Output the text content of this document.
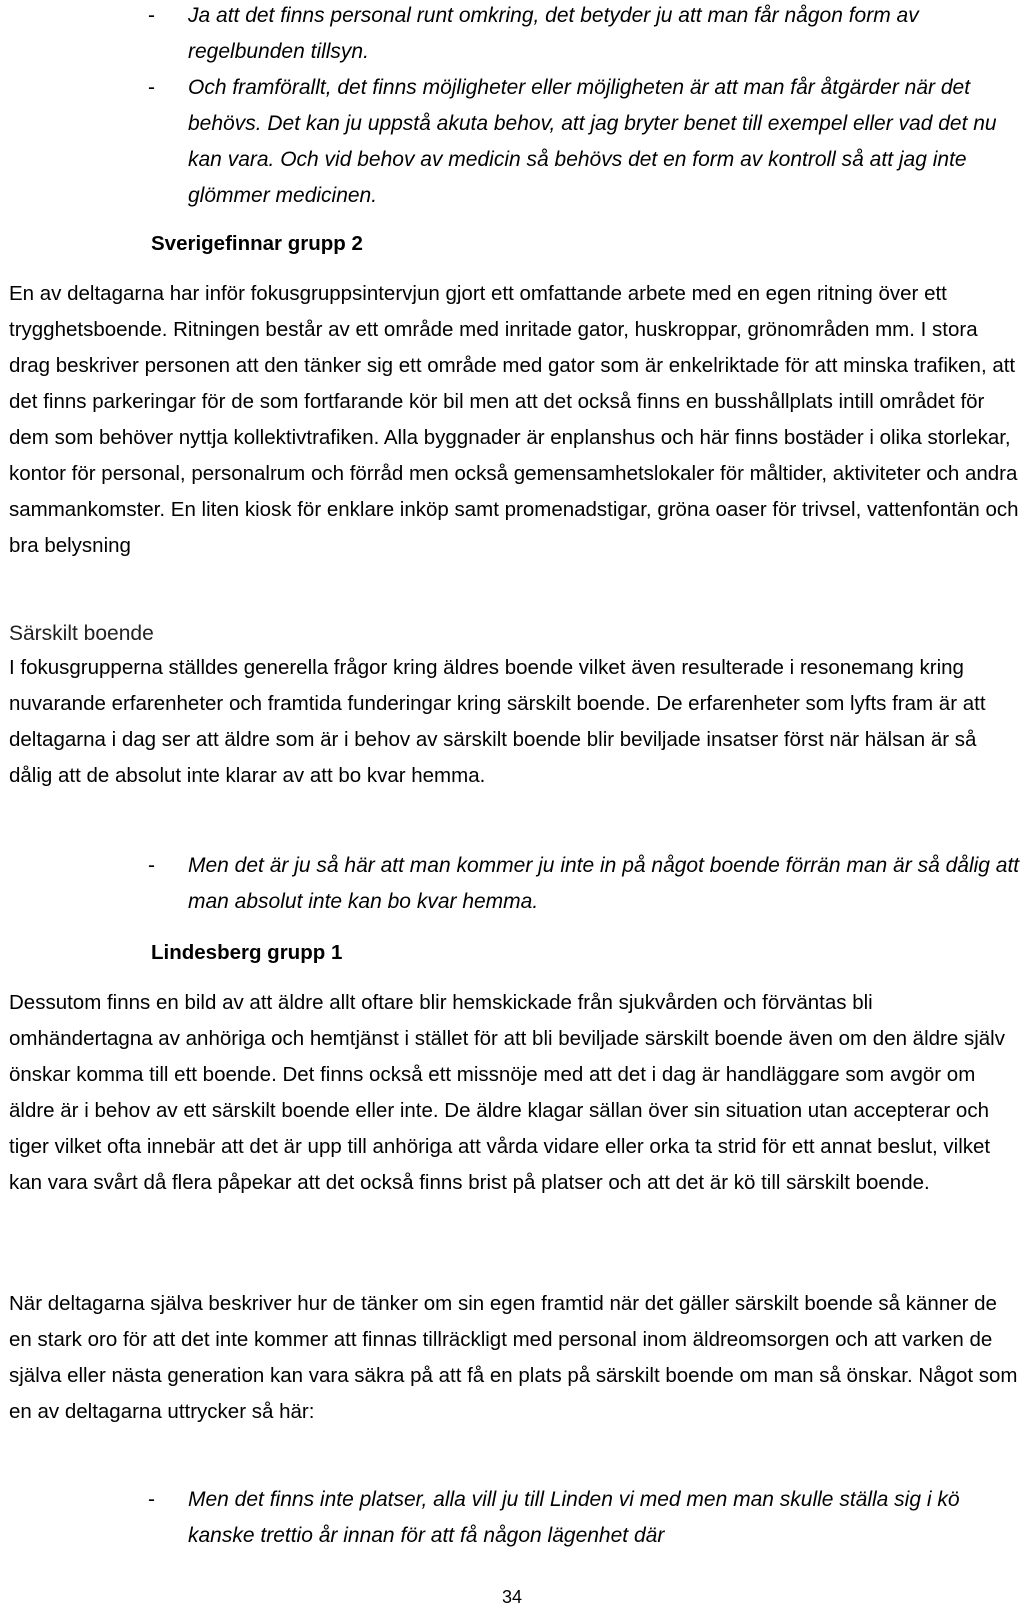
- Ja att det finns personal runt omkring, det betyder ju att man får någon form av regelbunden tillsyn.
- Och framförallt, det finns möjligheter eller möjligheten är att man får åtgärder när det behövs. Det kan ju uppstå akuta behov, att jag bryter benet till exempel eller vad det nu kan vara. Och vid behov av medicin så behövs det en form av kontroll så att jag inte glömmer medicinen.
Sverigefinnar grupp 2

En av deltagarna har inför fokusgruppsintervjun gjort ett omfattande arbete med en egen ritning över ett trygghetsboende. Ritningen består av ett område med inritade gator, huskroppar, grönområden mm. I stora drag beskriver personen att den tänker sig ett område med gator som är enkelriktade för att minska trafiken, att det finns parkeringar för de som fortfarande kör bil men att det också finns en busshållplats intill området för dem som behöver nyttja kollektivtrafiken. Alla byggnader är enplanshus och här finns bostäder i olika storlekar, kontor för personal, personalrum och förråd men också gemensamhetslokaler för måltider, aktiviteter och andra sammankomster. En liten kiosk för enklare inköp samt promenadstigar, gröna oaser för trivsel, vattenfontän och bra belysning

Särskilt boende

I fokusgrupperna ställdes generella frågor kring äldres boende vilket även resulterade i resonemang kring nuvarande erfarenheter och framtida funderingar kring särskilt boende. De erfarenheter som lyfts fram är att deltagarna i dag ser att äldre som är i behov av särskilt boende blir beviljade insatser först när hälsan är så dålig att de absolut inte klarar av att bo kvar hemma.

- Men det är ju så här att man kommer ju inte in på något boende förrän man är så dålig att man absolut inte kan bo kvar hemma.
Lindesberg grupp 1

Dessutom finns en bild av att äldre allt oftare blir hemskickade från sjukvården och förväntas bli omhändertagna av anhöriga och hemtjänst i stället för att bli beviljade särskilt boende även om den äldre själv önskar komma till ett boende. Det finns också ett missnöje med att det i dag är handläggare som avgör om äldre är i behov av ett särskilt boende eller inte. De äldre klagar sällan över sin situation utan accepterar och tiger vilket ofta innebär att det är upp till anhöriga att vårda vidare eller orka ta strid för ett annat beslut, vilket kan vara svårt då flera påpekar att det också finns brist på platser och att det är kö till särskilt boende.

När deltagarna själva beskriver hur de tänker om sin egen framtid när det gäller särskilt boende så känner de en stark oro för att det inte kommer att finnas tillräckligt med personal inom äldreomsorgen och att varken de själva eller nästa generation kan vara säkra på att få en plats på särskilt boende om man så önskar. Något som en av deltagarna uttrycker så här:

- Men det finns inte platser, alla vill ju till Linden vi med men man skulle ställa sig i kö kanske trettio år innan för att få någon lägenhet där
34
